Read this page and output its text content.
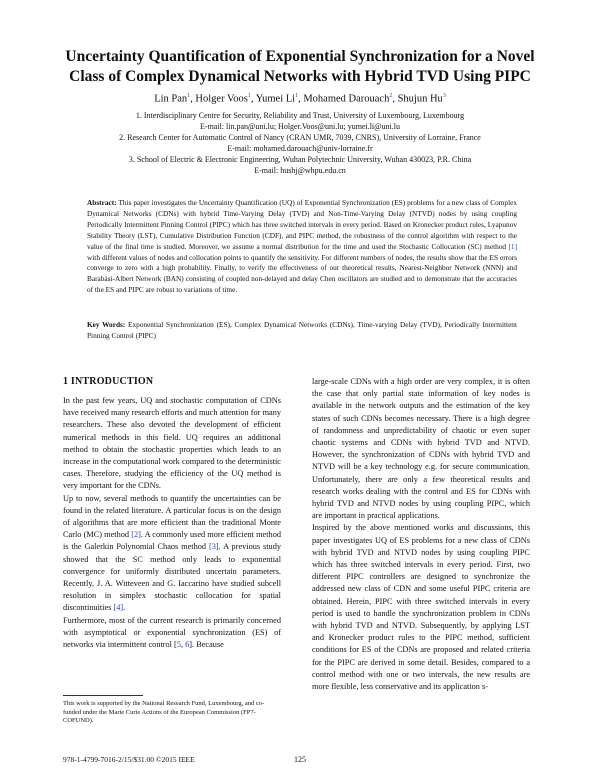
Uncertainty Quantification of Exponential Synchronization for a Novel
Class of Complex Dynamical Networks with Hybrid TVD Using PIPC
Lin Pan$^1$, Holger Voos$^1$, Yumei Li$^1$, Mohamed Darouach$^2$, Shujun Hu$^3$
1. Interdisciplinary Centre for Security, Reliability and Trust, University of Luxembourg, Luxembourg
E-mail: lin.pan@uni.lu; Holger.Voos@uni.lu; yumei.li@uni.lu
2. Research Center for Automatic Control of Nancy (CRAN UMR, 7039, CNRS), University of Lorraine, France
E-mail: mohamed.darouach@univ-lorraine.fr
3. School of Electric & Electronic Engineering, Wuhan Polytechnic University, Wuhan 430023, P.R. China
E-mail: hushj@whpu.edu.cn
Abstract: This paper investigates the Uncertainty Quantification (UQ) of Exponential Synchronization (ES) problems for a new class of Complex Dynamical Networks (CDNs) with hybrid Time-Varying Delay (TVD) and Non-Time-Varying Delay (NTVD) nodes by using coupling Periodically Intermittent Pinning Control (PIPC) which has three switched intervals in every period. Based on Kronecker product rules, Lyapunov Stability Theory (LST), Cumulative Distribution Function (CDF), and PIPC method, the robustness of the control algorithm with respect to the value of the final time is studied. Moreover, we assume a normal distribution for the time and used the Stochastic Collocation (SC) method [1] with different values of nodes and collocation points to quantify the sensitivity. For different numbers of nodes, the results show that the ES errors converge to zero with a high probability. Finally, to verify the effectiveness of our theoretical results, Nearest-Neighbor Network (NNN) and Barabási-Albert Network (BAN) consisting of coupled non-delayed and delay Chen oscillators are studied and to demonstrate that the accuracies of the ES and PIPC are robust to variations of time.
Key Words: Exponential Synchronization (ES), Complex Dynamical Networks (CDNs), Time-varying Delay (TVD), Periodically Intermittent Pinning Control (PIPC)
1 INTRODUCTION

In the past few years, UQ and stochastic computation of CDNs have received many research efforts and much attention for many researchers. These also devoted the development of efficient numerical methods in this field. UQ requires an additional method to obtain the stochastic properties which leads to an increase in the computational work compared to the deterministic cases. Therefore, studying the efficiency of the UQ method is very important for the CDNs.

Up to now, several methods to quantify the uncertainties can be found in the related literature. A particular focus is on the design of algorithms that are more efficient than the traditional Monte Carlo (MC) method [2]. A commonly used more efficient method is the Galerkin Polynomial Chaos method [3]. A previous study showed that the SC method only leads to exponential convergence for uniformly distributed uncertain parameters. Recently, J. A. Witteveen and G. Iaccarino have studied subcell resolution in simplex stochastic collocation for spatial discontinuities [4].

Furthermore, most of the current research is primarily concerned with asymptotical or exponential synchronization (ES) of networks via intermittent control [5, 6]. Because

large-scale CDNs with a high order are very complex, it is often the case that only partial state information of key nodes is available in the network outputs and the estimation of the key states of such CDNs becomes necessary. There is a high degree of randomness and unpredictability of chaotic or even super chaotic systems and CDNs with hybrid TVD and NTVD. However, the synchronization of CDNs with hybrid TVD and NTVD will be a key technology e.g. for secure communication. Unfortunately, there are only a few theoretical results and research works dealing with the control and ES for CDNs with hybrid TVD and NTVD nodes by using coupling PIPC, which are important in practical applications.

Inspired by the above mentioned works and discussions, this paper investigates UQ of ES problems for a new class of CDNs with hybrid TVD and NTVD nodes by using coupling PIPC which has three switched intervals in every period. First, two different PIPC controllers are designed to synchronize the addressed new class of CDN and some useful PIPC criteria are obtained. Herein, PIPC with three switched intervals in every period is used to handle the synchronization problem in CDNs with hybrid TVD and NTVD. Subsequently, by applying LST and Kronecker product rules to the PIPC method, sufficient conditions for ES of the CDNs are proposed and related criteria for the PIPC are derived in some detail. Besides, compared to a control method with one or two intervals, the new results are more flexible, less conservative and its application s-

This work is supported by the National Research Fund, Luxembourg, and co-funded under the Marie Curie Actions of the European Commission (FP7-COFUND).
978-1-4799-7016-2/15/$31.00 ©2015 IEEE	125
